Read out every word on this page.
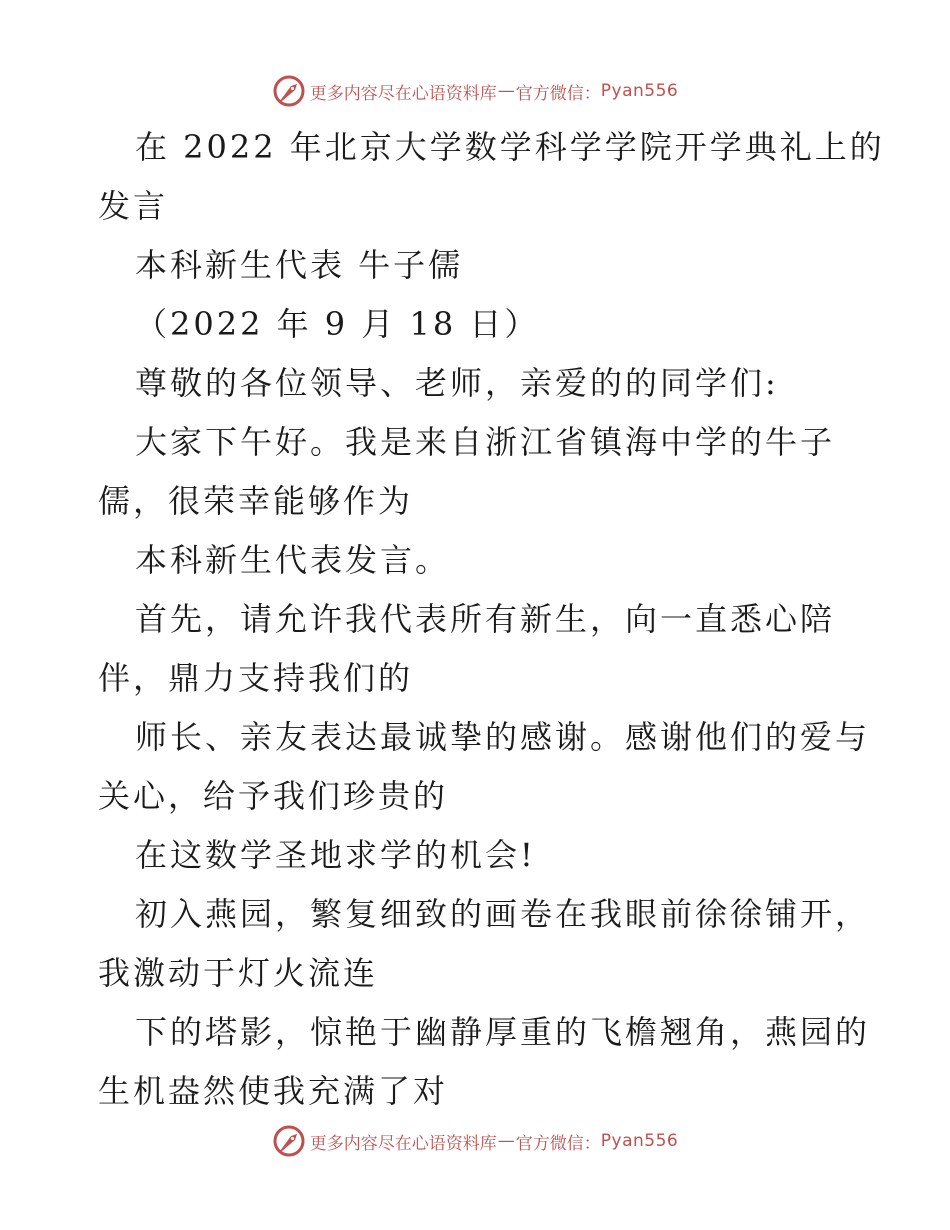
更多内容尽在心语资料库 — 官方微信： Pyan556
在 2022 年北京大学数学科学学院开学典礼上的
发言
本科新生代表 牛子儒
（2022 年 9 月 18 日）
尊敬的各位领导、老师，亲爱的的同学们:
大家下午好。我是来自浙江省镇海中学的牛子
儒，很荣幸能够作为
本科新生代表发言。
首先，请允许我代表所有新生，向一直悉心陪
伴，鼎力支持我们的
师长、亲友表达最诚挚的感谢。感谢他们的爱与
关心，给予我们珍贵的
在这数学圣地求学的机会!
初入燕园，繁复细致的画卷在我眼前徐徐铺开，
我激动于灯火流连
下的塔影，惊艳于幽静厚重的飞檐翘角，燕园的
生机盎然使我充满了对
更多内容尽在心语资料库 — 官方微信： Pyan556
